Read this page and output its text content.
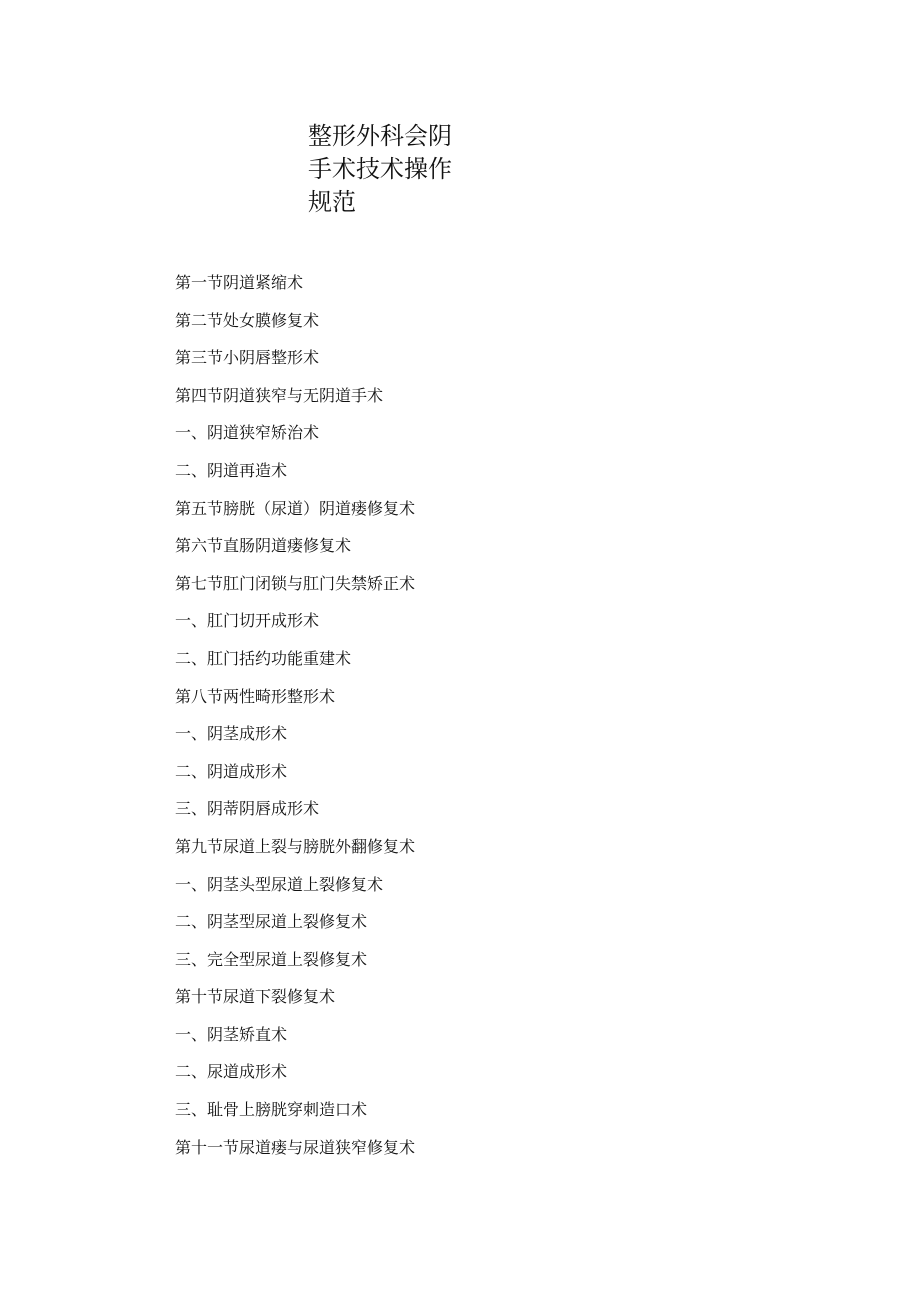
整形外科会阴
手术技术操作
规范
第一节阴道紧缩术
第二节处女膜修复术
第三节小阴唇整形术
第四节阴道狭窄与无阴道手术
一、阴道狭窄矫治术
二、阴道再造术
第五节膀胱（尿道）阴道瘘修复术
第六节直肠阴道瘘修复术
第七节肛门闭锁与肛门失禁矫正术
一、肛门切开成形术
二、肛门括约功能重建术
第八节两性畸形整形术
一、阴茎成形术
二、阴道成形术
三、阴蒂阴唇成形术
第九节尿道上裂与膀胱外翻修复术
一、阴茎头型尿道上裂修复术
二、阴茎型尿道上裂修复术
三、完全型尿道上裂修复术
第十节尿道下裂修复术
一、阴茎矫直术
二、尿道成形术
三、耻骨上膀胱穿刺造口术
第十一节尿道瘘与尿道狭窄修复术
